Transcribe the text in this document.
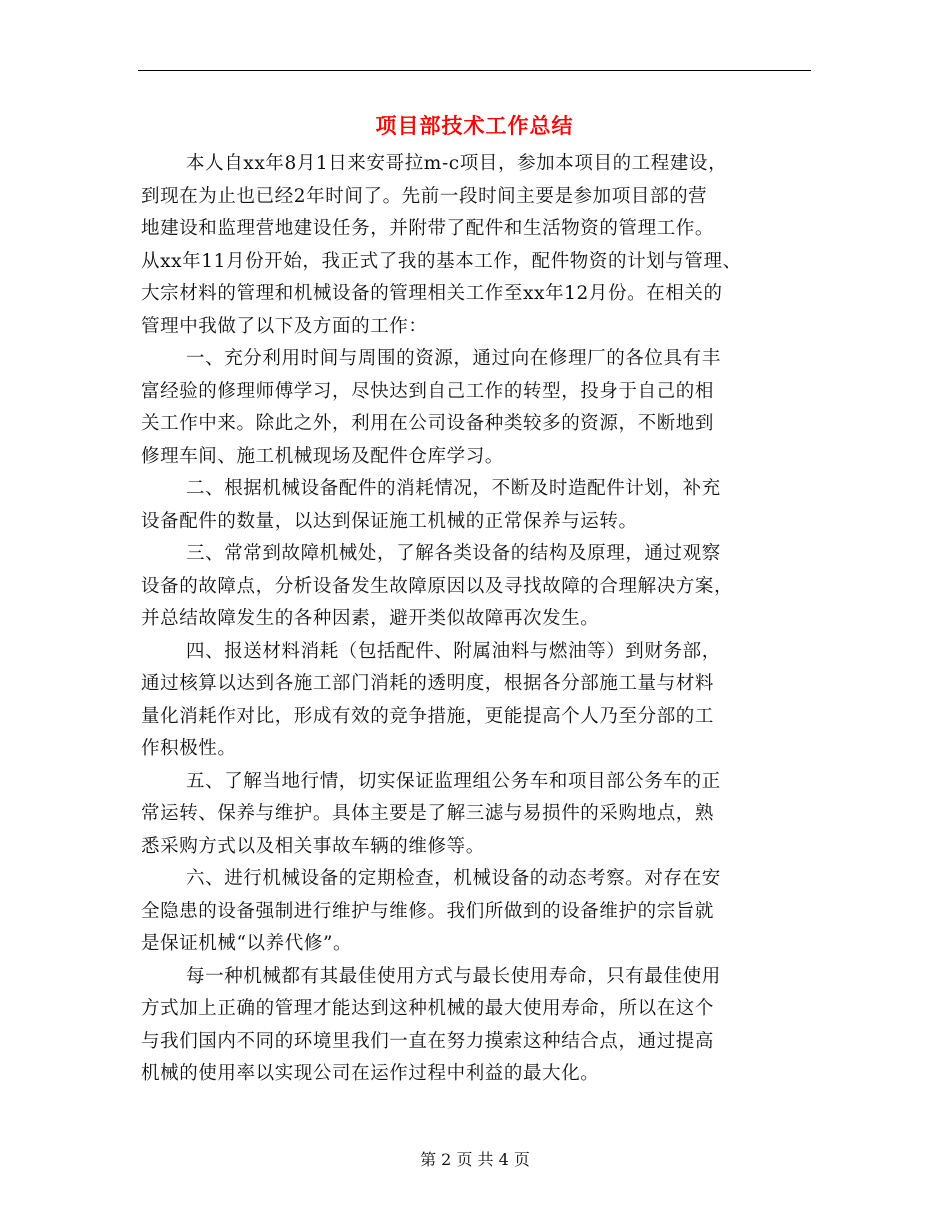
项目部技术工作总结
本人自xx年8月1日来安哥拉m-c项目，参加本项目的工程建设，
到现在为止也已经2年时间了。先前一段时间主要是参加项目部的营
地建设和监理营地建设任务，并附带了配件和生活物资的管理工作。
从xx年11月份开始，我正式了我的基本工作，配件物资的计划与管理、
大宗材料的管理和机械设备的管理相关工作至xx年12月份。在相关的
管理中我做了以下及方面的工作：
一、充分利用时间与周围的资源，通过向在修理厂的各位具有丰
富经验的修理师傅学习，尽快达到自己工作的转型，投身于自己的相
关工作中来。除此之外，利用在公司设备种类较多的资源，不断地到
修理车间、施工机械现场及配件仓库学习。
二、根据机械设备配件的消耗情况，不断及时造配件计划，补充
设备配件的数量，以达到保证施工机械的正常保养与运转。
三、常常到故障机械处，了解各类设备的结构及原理，通过观察
设备的故障点，分析设备发生故障原因以及寻找故障的合理解决方案，
并总结故障发生的各种因素，避开类似故障再次发生。
四、报送材料消耗（包括配件、附属油料与燃油等）到财务部，
通过核算以达到各施工部门消耗的透明度，根据各分部施工量与材料
量化消耗作对比，形成有效的竞争措施，更能提高个人乃至分部的工
作积极性。
五、了解当地行情，切实保证监理组公务车和项目部公务车的正
常运转、保养与维护。具体主要是了解三滤与易损件的采购地点，熟
悉采购方式以及相关事故车辆的维修等。
六、进行机械设备的定期检查，机械设备的动态考察。对存在安
全隐患的设备强制进行维护与维修。我们所做到的设备维护的宗旨就
是保证机械“以养代修”。
每一种机械都有其最佳使用方式与最长使用寿命，只有最佳使用
方式加上正确的管理才能达到这种机械的最大使用寿命，所以在这个
与我们国内不同的环境里我们一直在努力摸索这种结合点，通过提高
机械的使用率以实现公司在运作过程中利益的最大化。
第 2 页 共 4 页
